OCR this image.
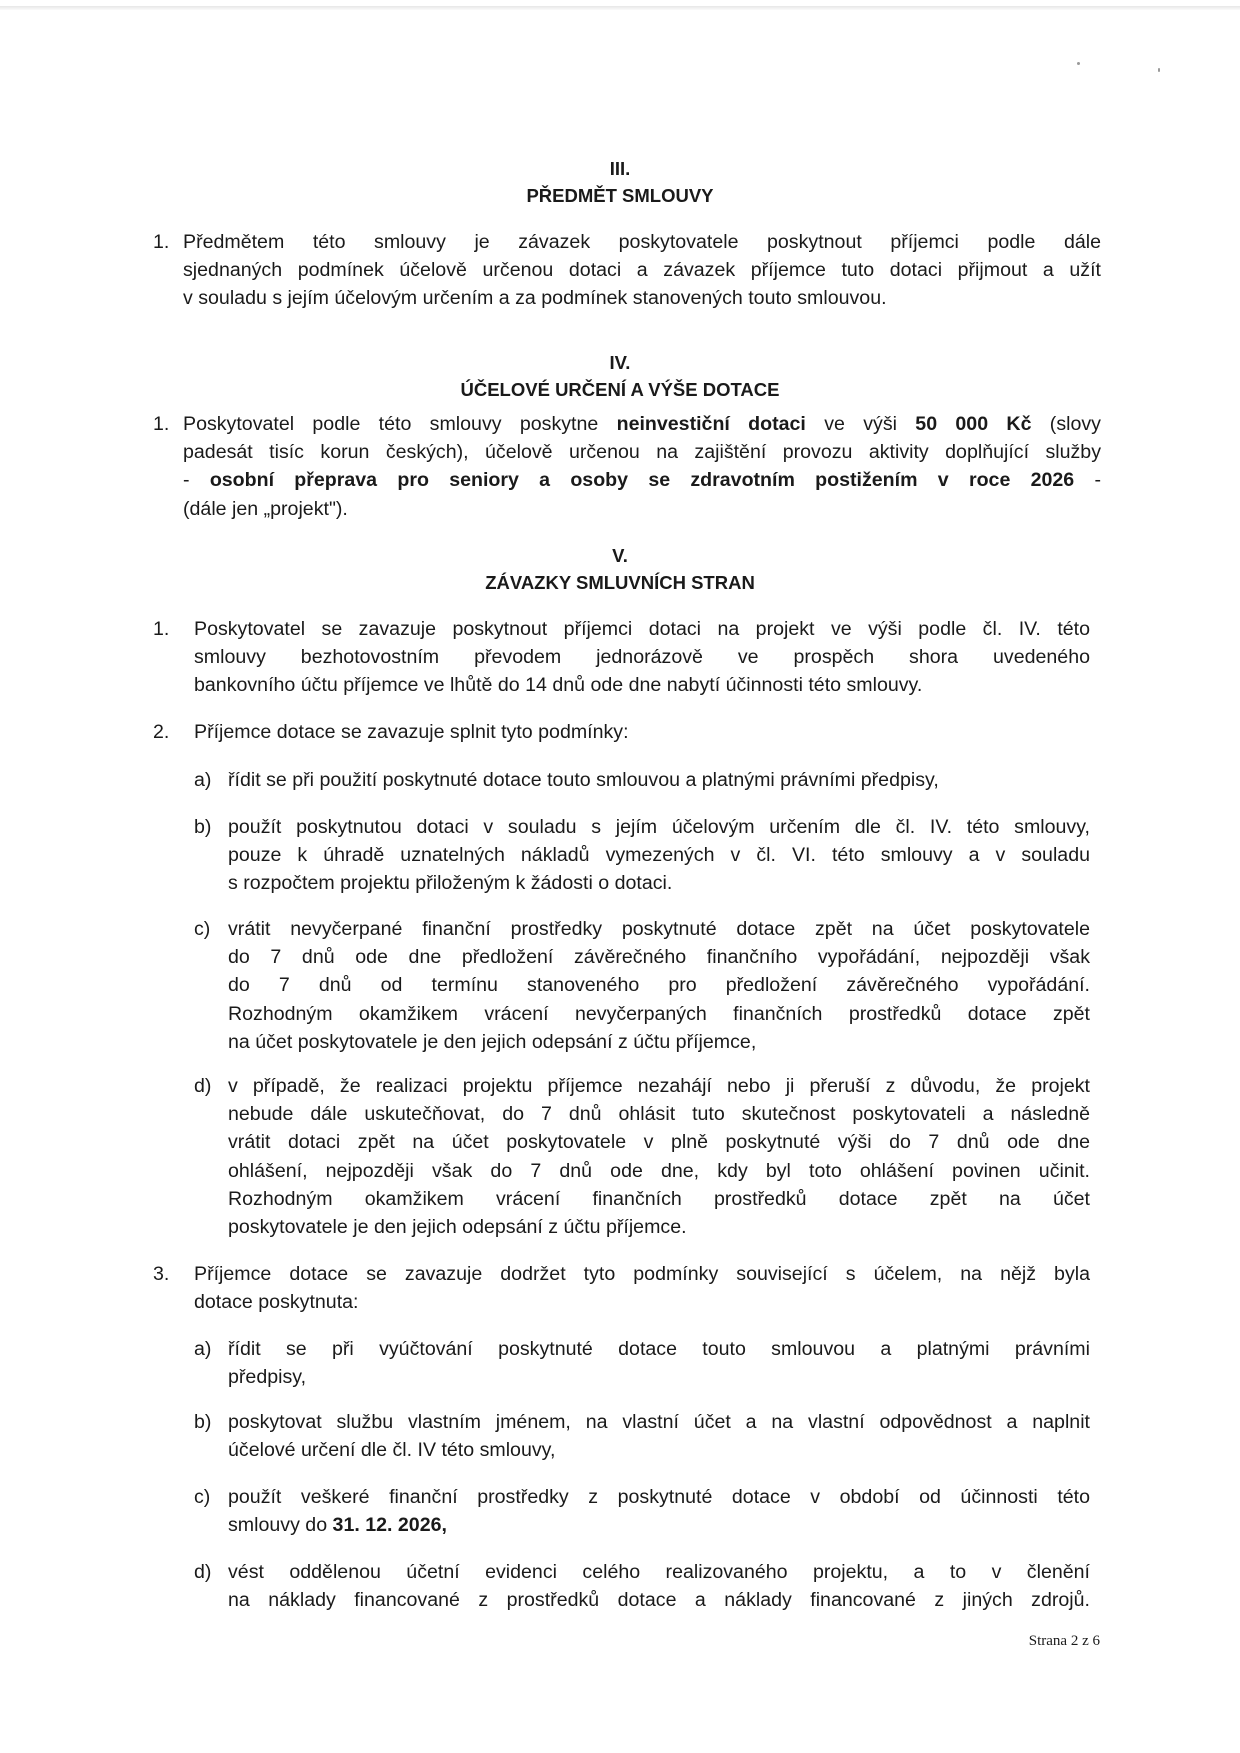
III.
PŘEDMĚT SMLOUVY
1. Předmětem této smlouvy je závazek poskytovatele poskytnout příjemci podle dále
sjednaných podmínek účelově určenou dotaci a závazek příjemce tuto dotaci přijmout a užít
v souladu s jejím účelovým určením a za podmínek stanovených touto smlouvou.
IV.
ÚČELOVÉ URČENÍ A VÝŠE DOTACE
1. Poskytovatel podle této smlouvy poskytne neinvestiční dotaci ve výši 50 000 Kč (slovy
padesát tisíc korun českých), účelově určenou na zajištění provozu aktivity doplňující služby
- osobní přeprava pro seniory a osoby se zdravotním postižením v roce 2026 -
(dále jen „projekt").
V.
ZÁVAZKY SMLUVNÍCH STRAN
1. Poskytovatel se zavazuje poskytnout příjemci dotaci na projekt ve výši podle čl. IV. této
smlouvy bezhotovostním převodem jednorázově ve prospěch shora uvedeného
bankovního účtu příjemce ve lhůtě do 14 dnů ode dne nabytí účinnosti této smlouvy.
2. Příjemce dotace se zavazuje splnit tyto podmínky:
a) řídit se při použití poskytnuté dotace touto smlouvou a platnými právními předpisy,
b) použít poskytnutou dotaci v souladu s jejím účelovým určením dle čl. IV. této smlouvy,
pouze k úhradě uznatelných nákladů vymezených v čl. VI. této smlouvy a v souladu
s rozpočtem projektu přiloženým k žádosti o dotaci.
c) vrátit nevyčerpané finanční prostředky poskytnuté dotace zpět na účet poskytovatele
do 7 dnů ode dne předložení závěrečného finančního vypořádání, nejpozději však
do 7 dnů od termínu stanoveného pro předložení závěrečného vypořádání.
Rozhodným okamžikem vrácení nevyčerpaných finančních prostředků dotace zpět
na účet poskytovatele je den jejich odepsání z účtu příjemce,
d) v případě, že realizaci projektu příjemce nezahájí nebo ji přeruší z důvodu, že projekt
nebude dále uskutečňovat, do 7 dnů ohlásit tuto skutečnost poskytovateli a následně
vrátit dotaci zpět na účet poskytovatele v plně poskytnuté výši do 7 dnů ode dne
ohlášení, nejpozději však do 7 dnů ode dne, kdy byl toto ohlášení povinen učinit.
Rozhodným okamžikem vrácení finančních prostředků dotace zpět na účet
poskytovatele je den jejich odepsání z účtu příjemce.
3. Příjemce dotace se zavazuje dodržet tyto podmínky související s účelem, na nějž byla
dotace poskytnuta:
a) řídit se při vyúčtování poskytnuté dotace touto smlouvou a platnými právními
předpisy,
b) poskytovat službu vlastním jménem, na vlastní účet a na vlastní odpovědnost a naplnit
účelové určení dle čl. IV této smlouvy,
c) použít veškeré finanční prostředky z poskytnuté dotace v období od účinnosti této
smlouvy do 31. 12. 2026,
d) vést oddělenou účetní evidenci celého realizovaného projektu, a to v členění
na náklady financované z prostředků dotace a náklady financované z jiných zdrojů.
Strana 2 z 6
